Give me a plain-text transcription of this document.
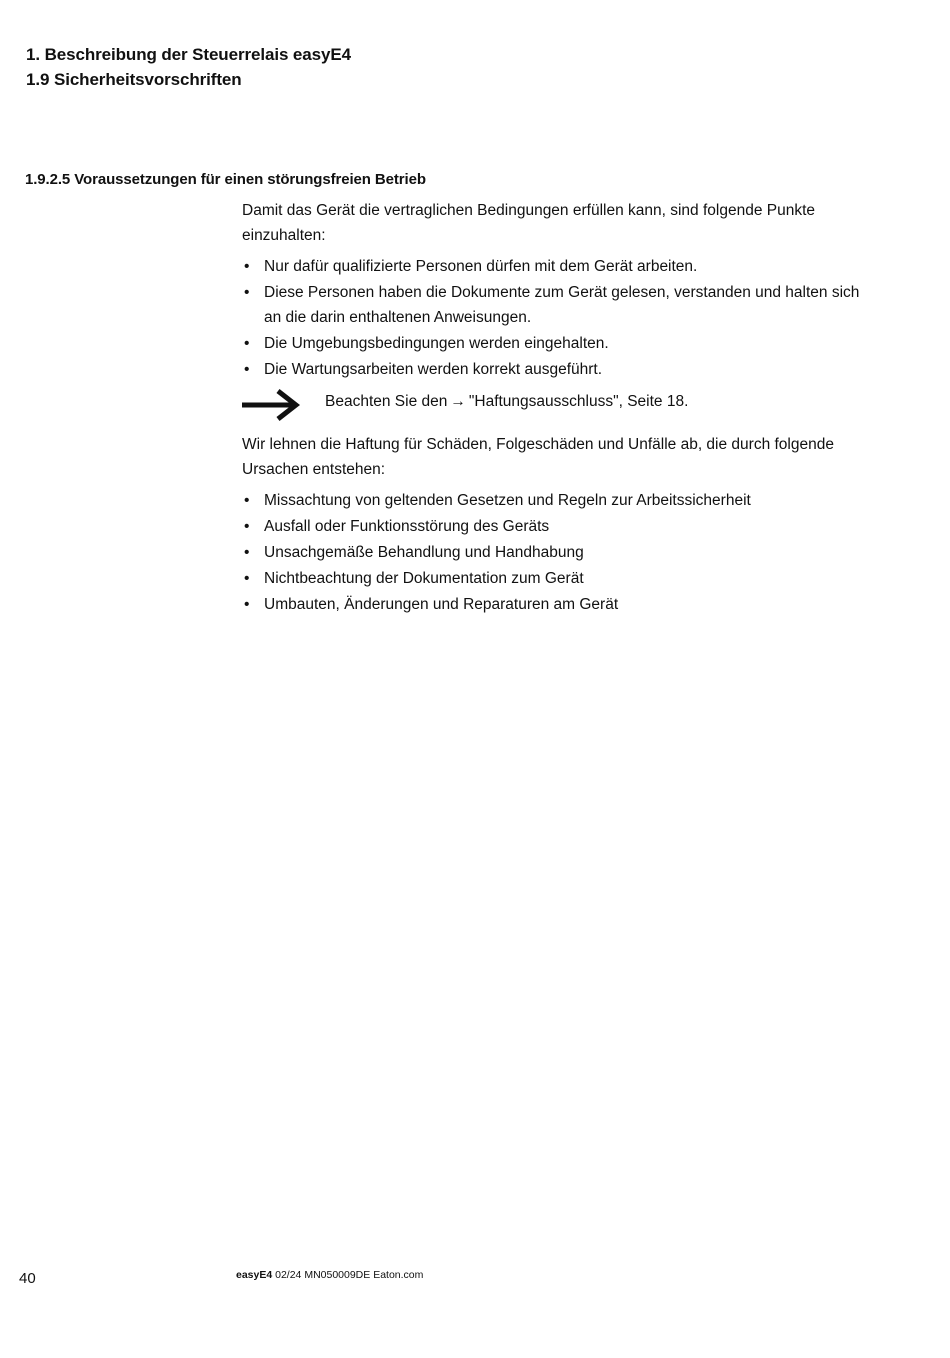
1. Beschreibung der Steuerrelais easyE4
1.9 Sicherheitsvorschriften
1.9.2.5 Voraussetzungen für einen störungsfreien Betrieb

Damit das Gerät die vertraglichen Bedingungen erfüllen kann, sind folgende Punkte einzuhalten:

• Nur dafür qualifizierte Personen dürfen mit dem Gerät arbeiten.
• Diese Personen haben die Dokumente zum Gerät gelesen, verstanden und halten sich an die darin enthaltenen Anweisungen.
• Die Umgebungsbedingungen werden eingehalten.
• Die Wartungsarbeiten werden korrekt ausgeführt.
Beachten Sie den → "Haftungsausschluss", Seite 18.

Wir lehnen die Haftung für Schäden, Folgeschäden und Unfälle ab, die durch folgende Ursachen entstehen:

• Missachtung von geltenden Gesetzen und Regeln zur Arbeitssicherheit
• Ausfall oder Funktionsstörung des Geräts
• Unsachgemäße Behandlung und Handhabung
• Nichtbeachtung der Dokumentation zum Gerät
• Umbauten, Änderungen und Reparaturen am Gerät
40	easyE4 02/24 MN050009DE Eaton.com
